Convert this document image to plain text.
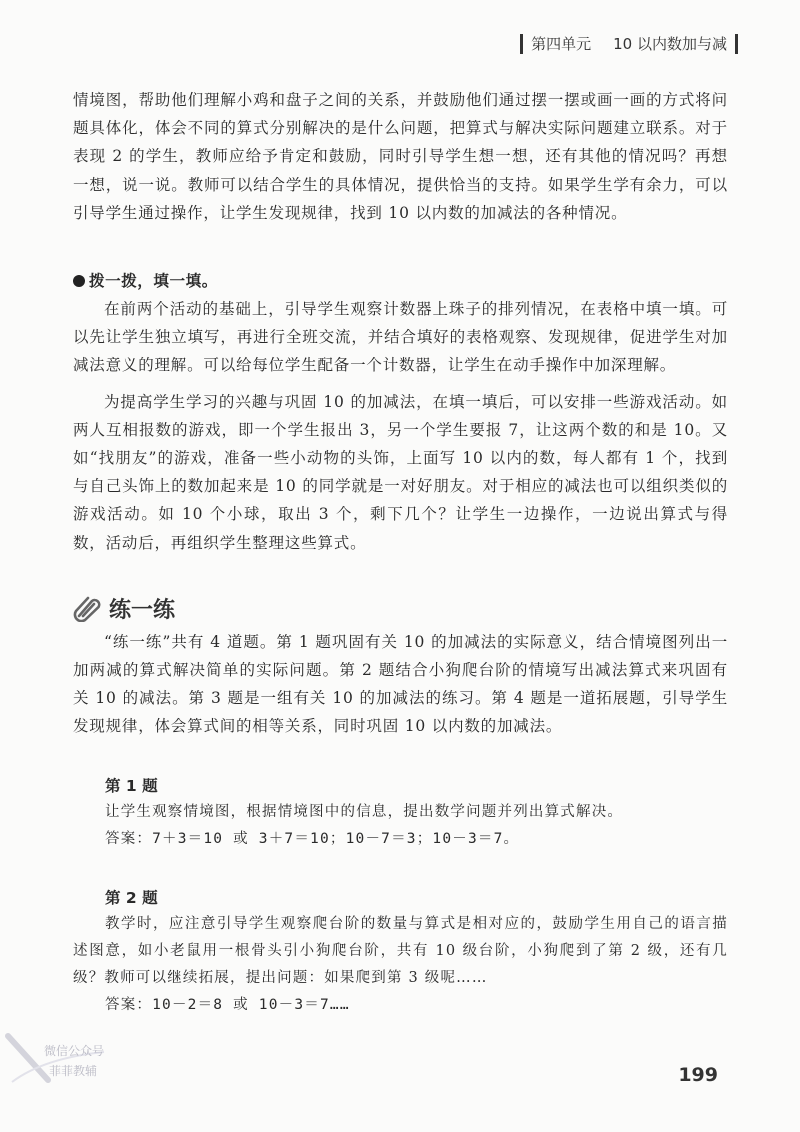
第四单元 10 以内数加与减

情境图，帮助他们理解小鸡和盘子之间的关系，并鼓励他们通过摆一摆或画一画的方式将问题具体化，体会不同的算式分别解决的是什么问题，把算式与解决实际问题建立联系。对于表现 2 的学生，教师应给予肯定和鼓励，同时引导学生想一想，还有其他的情况吗？再想一想，说一说。教师可以结合学生的具体情况，提供恰当的支持。如果学生学有余力，可以引导学生通过操作，让学生发现规律，找到 10 以内数的加减法的各种情况。

拨一拨，填一填。

在前两个活动的基础上，引导学生观察计数器上珠子的排列情况，在表格中填一填。可以先让学生独立填写，再进行全班交流，并结合填好的表格观察、发现规律，促进学生对加减法意义的理解。可以给每位学生配备一个计数器，让学生在动手操作中加深理解。

为提高学生学习的兴趣与巩固 10 的加减法，在填一填后，可以安排一些游戏活动。如两人互相报数的游戏，即一个学生报出 3，另一个学生要报 7，让这两个数的和是 10。又如“找朋友”的游戏，准备一些小动物的头饰，上面写 10 以内的数，每人都有 1 个，找到与自己头饰上的数加起来是 10 的同学就是一对好朋友。对于相应的减法也可以组织类似的游戏活动。如 10 个小球，取出 3 个，剩下几个？让学生一边操作，一边说出算式与得数，活动后，再组织学生整理这些算式。

练一练

“练一练”共有 4 道题。第 1 题巩固有关 10 的加减法的实际意义，结合情境图列出一加两减的算式解决简单的实际问题。第 2 题结合小狗爬台阶的情境写出减法算式来巩固有关 10 的减法。第 3 题是一组有关 10 的加减法的练习。第 4 题是一道拓展题，引导学生发现规律，体会算式间的相等关系，同时巩固 10 以内数的加减法。

第 1 题

让学生观察情境图，根据情境图中的信息，提出数学问题并列出算式解决。

答案：7＋3＝10 或 3＋7＝10；10－7＝3；10－3＝7。

第 2 题

教学时，应注意引导学生观察爬台阶的数量与算式是相对应的，鼓励学生用自己的语言描述图意，如小老鼠用一根骨头引小狗爬台阶，共有 10 级台阶，小狗爬到了第 2 级，还有几级？教师可以继续拓展，提出问题：如果爬到第 3 级呢……

答案：10－2＝8 或 10－3＝7……

微信公众号
菲菲教辅	199
